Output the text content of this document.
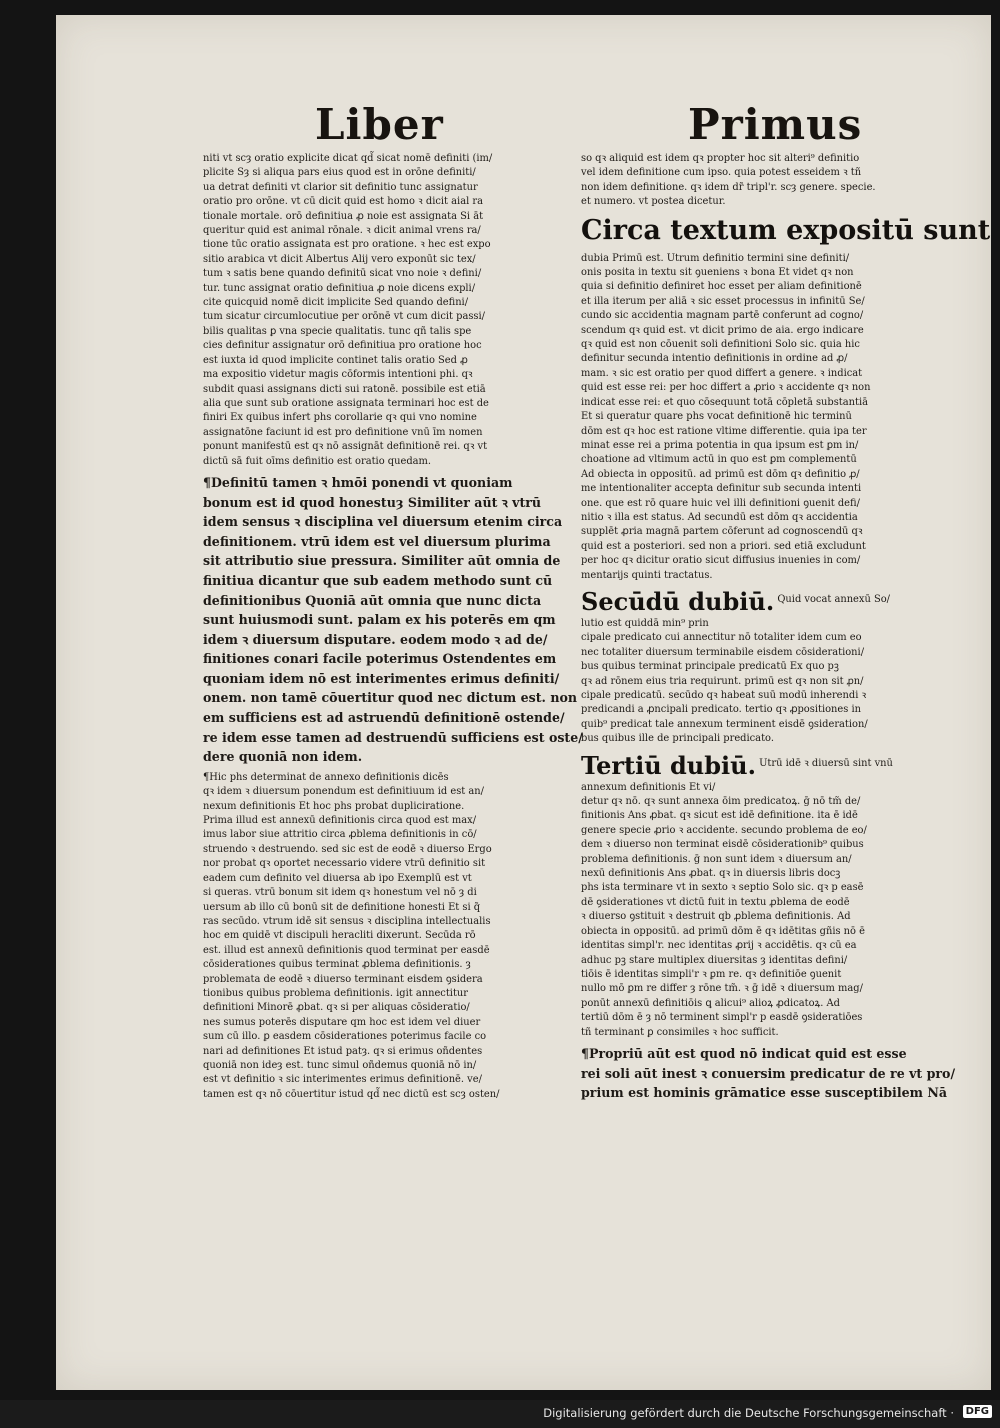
Liber	Primus
niti vt scȝ oratio explicite dicat qd̃ sicat nomē definiti (im/
plicite Sȝ si aliqua pars eius quod est in orōne definiti/
ua detrat definiti vt clarior sit definitio tunc assignatur
oratio pro orōne. vt cū dicit quid est homo ꝛ dicit aial ra
tionale mortale. orō definitiua ꝓ noie est assignata Si āt
queritur quid est animal rōnale. ꝛ dicit animal vrens ra/
tione tūc oratio assignata est pro oratione. ꝛ hec est expo
sitio arabica vt dicit Albertus Alij vero exponūt sic tex/
tum ꝛ satis bene quando definitū sicat vno noie ꝛ defini/
tur. tunc assignat oratio definitiua ꝓ noie dicens expli/
cite quicquid nomē dicit implicite Sed quando defini/
tum sicatur circumlocutiue per orōnē vt cum dicit passi/
bilis qualitas ꝑ vna specie qualitatis. tunc qñ talis spe
cies definitur assignatur orō definitiua pro oratione hoc
est iuxta id quod implicite continet talis oratio Sed ꝓ
ma expositio videtur magis cōformis intentioni phi. qꝛ
subdit quasi assignans dicti sui ratonē. possibile est etiā
alia que sunt sub oratione assignata terminari hoc est de
finiri Ex quibus infert phs corollarie qꝛ qui vno nomine
assignatōne faciunt id est pro definitione vnū īm nomen
ponunt manifestū est qꝛ nō assignāt definitionē rei. qꝛ vt
dictū sā fuit oīms definitio est oratio quedam.
¶Definitū tamen ꝛ hmōi ponendi vt quoniam
bonum est id quod honestuȝ Similiter aūt ꝛ vtrū
idem sensus ꝛ disciplina vel diuersum etenim circa
definitionem. vtrū idem est vel diuersum plurima
sit attributio siue pressura. Similiter aūt omnia de
finitiua dicantur que sub eadem methodo sunt cū
definitionibus Quoniā aūt omnia que nunc dicta
sunt huiusmodi sunt. palam ex his poterēs em qm
idem ꝛ diuersum disputare. eodem modo ꝛ ad de/
finitiones conari facile poterimus Ostendentes em
quoniam idem nō est interimentes erimus definiti/
onem. non tamē cōuertitur quod nec dictum est. non
em sufficiens est ad astruendū definitionē ostende/
re idem esse tamen ad destruendū sufficiens est oste/
dere quoniā non idem.
¶Hic phs determinat de annexo definitionis dicēs
qꝛ idem ꝛ diuersum ponendum est definitiuum id est an/
nexum definitionis Et hoc phs probat dupliciratione.
Prima illud est annexū definitionis circa quod est max/
imus labor siue attritio circa ꝓblema definitionis in cō/
struendo ꝛ destruendo. sed sic est de eodē ꝛ diuerso Ergo
nor probat qꝛ oportet necessario videre vtrū definitio sit
eadem cum definito vel diuersa ab ipo Exemplū est vt
si queras. vtrū bonum sit idem qꝛ honestum vel nō ȝ di
uersum ab illo cū bonū sit de definitione honesti Et si q̃
ras secūdo. vtrum idē sit sensus ꝛ disciplina intellectualis
hoc em quidē vt discipuli heracliti dixerunt. Secūda rō
est. illud est annexū definitionis quod terminat per easdē
cōsiderationes quibus terminat ꝓblema definitionis. ȝ
problemata de eodē ꝛ diuerso terminant eisdem ꝯsidera
tionibus quibus problema definitionis. igit annectitur
definitioni Minorē ꝓbat. qꝛ si per aliquas cōsideratio/
nes sumus poterēs disputare qm hoc est idem vel diuer
sum cū illo. ꝑ easdem cōsiderationes poterimus facile co
nari ad definitiones Et istud patȝ. qꝛ si erimus oñdentes
quoniā non ideȝ est. tunc simul oñdemus quoniā nō in/
est vt definitio ꝛ sic interimentes erimus definitionē. ve/
tamen est qꝛ nō cōuertitur istud qd̃ nec dictū est scȝ osten/
so qꝛ aliquid est idem qꝛ propter hoc sit alteri⁹ definitio
vel idem definitione cum ipso. quia potest esseidem ꝛ tñ
non idem definitione. qꝛ idem dr̃ tripl'r. scȝ genere. specie.
et numero. vt postea dicetur.
Circa textum expositū sunt
dubia Primū est. Utrum definitio termini sine definiti/
onis posita in textu sit ꝯueniens ꝛ bona Et videt qꝛ non
quia si definitio definiret hoc esset per aliam definitionē
et illa iterum per aliā ꝛ sic esset processus in infinitū Se/
cundo sic accidentia magnam partē conferunt ad cogno/
scendum qꝛ quid est. vt dicit primo de aia. ergo indicare
qꝛ quid est non cōuenit soli definitioni Solo sic. quia hic
definitur secunda intentio definitionis in ordine ad ꝓ/
mam. ꝛ sic est oratio per quod differt a genere. ꝛ indicat
quid est esse rei: per hoc differt a ꝓrio ꝛ accidente qꝛ non
indicat esse rei: et quo cōsequunt totā cōpletā substantiā
Et si queratur quare phs vocat definitionē hic terminū
dōm est qꝛ hoc est ratione vltime differentie. quia ipa ter
minat esse rei a prima potentia in qua ipsum est ꝑm in/
choatione ad vltimum actū in quo est ꝑm complementū
Ad obiecta in oppositū. ad primū est dōm qꝛ definitio ꝓ/
me intentionaliter accepta definitur sub secunda intenti
one. que est rō quare huic vel illi definitioni ꝯuenit defi/
nitio ꝛ illa est status. Ad secundū est dōm qꝛ accidentia
supplēt ꝓria magnā partem cōferunt ad cognoscendū qꝛ
quid est a posteriori. sed non a priori. sed etiā excludunt
per hoc qꝛ dicitur oratio sicut diffusius inuenies in com/
mentarijs quinti tractatus.
Secūdū dubiū. Quid vocat annexū So/
lutio est quiddā min⁹ prin
cipale predicato cui annectitur nō totaliter idem cum eo
nec totaliter diuersum terminabile eisdem cōsiderationi/
bus quibus terminat principale predicatū Ex quo pꝫ
qꝛ ad rōnem eius tria requirunt. primū est qꝛ non sit ꝓn/
cipale predicatū. secūdo qꝛ habeat suū modū inherendi ꝛ
predicandi a ꝓncipali predicato. tertio qꝛ ꝓpositiones in
quib⁹ predicat tale annexum terminent eisdē ꝯsideration/
bus quibus ille de principali predicato.
Tertiū dubiū. Utrū idē ꝛ diuersū sint vnū
annexum definitionis Et vi/
detur qꝛ nō. qꝛ sunt annexa ōim predicatoꝝ. ḡ nō tm̃ de/
finitionis Ans ꝓbat. qꝛ sicut est idē definitione. ita ē idē
genere specie ꝓrio ꝛ accidente. secundo problema de eo/
dem ꝛ diuerso non terminat eisdē cōsiderationib⁹ quibus
problema definitionis. ḡ non sunt idem ꝛ diuersum an/
nexū definitionis Ans ꝓbat. qꝛ in diuersis libris docꝫ
phs ista terminare vt in sexto ꝛ septio Solo sic. qꝛ p easē
dē ꝯsiderationes vt dictū fuit in textu ꝓblema de eodē
ꝛ diuerso ꝯstituit ꝛ destruit qb ꝓblema definitionis. Ad
obiecta in oppositū. ad primū dōm ē qꝛ idētitas gñis nō ē
identitas simpl'r. nec identitas ꝓrij ꝛ accidētis. qꝛ cū ea
adhuc pꝫ stare multiplex diuersitas ȝ identitas defini/
tiōis ē identitas simpli'r ꝛ ꝑm re. qꝛ definitiōe ꝯuenit
nullo mō ꝑm re differ ȝ rōne tm̃. ꝛ ḡ idē ꝛ diuersum mag/
ponūt annexū definitiōis ꝗ alicui⁹ alioꝝ ꝓdicatoꝝ. Ad
tertiū dōm ē ȝ nō terminent simpl'r p easdē ꝯsideratiōes
tñ terminant ꝑ consimiles ꝛ hoc sufficit.
¶Propriū aūt est quod nō indicat quid est esse
rei soli aūt inest ꝛ conuersim predicatur de re vt pro/
prium est hominis grāmatice esse susceptibilem Nā
Digitalisierung gefördert durch die Deutsche Forschungsgemeinschaft ·	DFG
